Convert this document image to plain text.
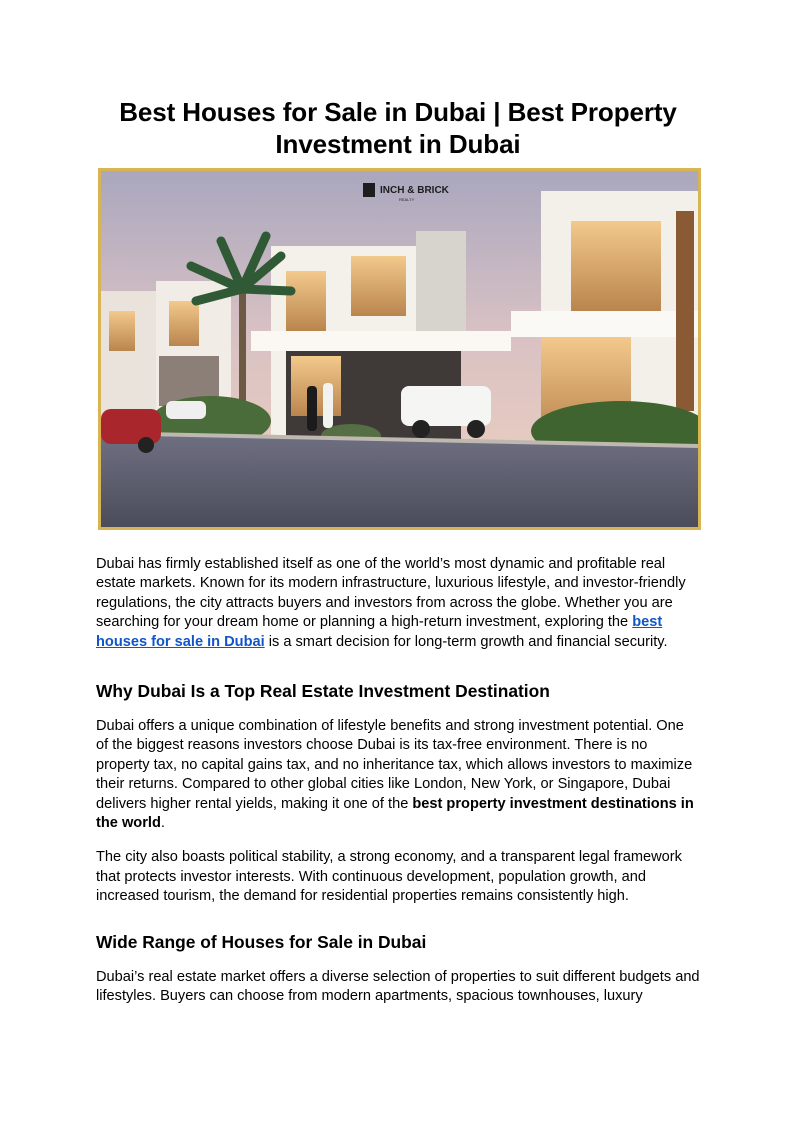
Best Houses for Sale in Dubai | Best Property Investment in Dubai
INCH & BRICK
REALTY

Dubai has firmly established itself as one of the world’s most dynamic and profitable real estate markets. Known for its modern infrastructure, luxurious lifestyle, and investor-friendly regulations, the city attracts buyers and investors from across the globe. Whether you are searching for your dream home or planning a high-return investment, exploring the best houses for sale in Dubai is a smart decision for long-term growth and financial security.

Why Dubai Is a Top Real Estate Investment Destination

Dubai offers a unique combination of lifestyle benefits and strong investment potential. One of the biggest reasons investors choose Dubai is its tax-free environment. There is no property tax, no capital gains tax, and no inheritance tax, which allows investors to maximize their returns. Compared to other global cities like London, New York, or Singapore, Dubai delivers higher rental yields, making it one of the best property investment destinations in the world.

The city also boasts political stability, a strong economy, and a transparent legal framework that protects investor interests. With continuous development, population growth, and increased tourism, the demand for residential properties remains consistently high.

Wide Range of Houses for Sale in Dubai

Dubai’s real estate market offers a diverse selection of properties to suit different budgets and lifestyles. Buyers can choose from modern apartments, spacious townhouses, luxury
